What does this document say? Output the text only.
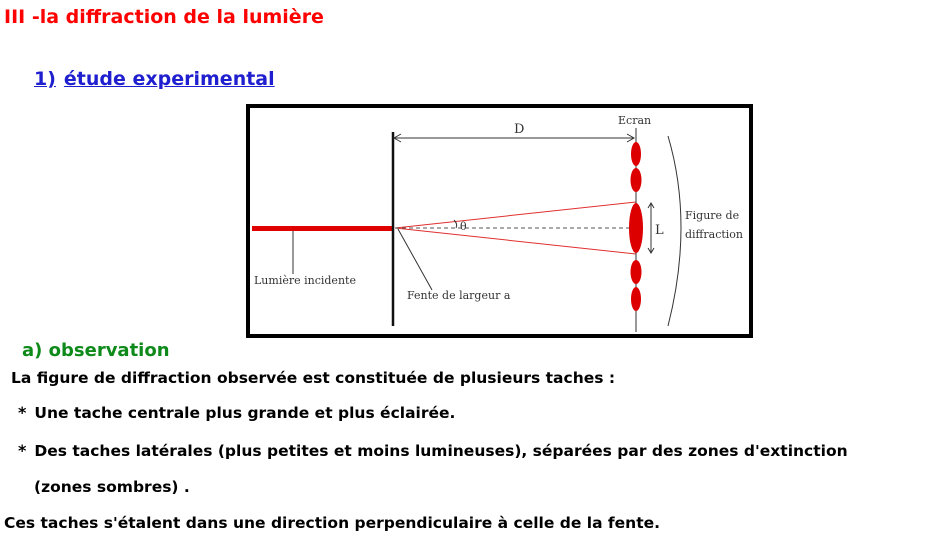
III -la diffraction de la lumière
1) étude experimental
D
Ecran
L
θ
Figure de
diffraction
Lumière incidente
Fente de largeur a
a) observation
La figure de diffraction observée est constituée de plusieurs taches :
* Une tache centrale plus grande et plus éclairée.
* Des taches latérales (plus petites et moins lumineuses), séparées par des zones d'extinction
(zones sombres) .
Ces taches s'étalent dans une direction perpendiculaire à celle de la fente.
